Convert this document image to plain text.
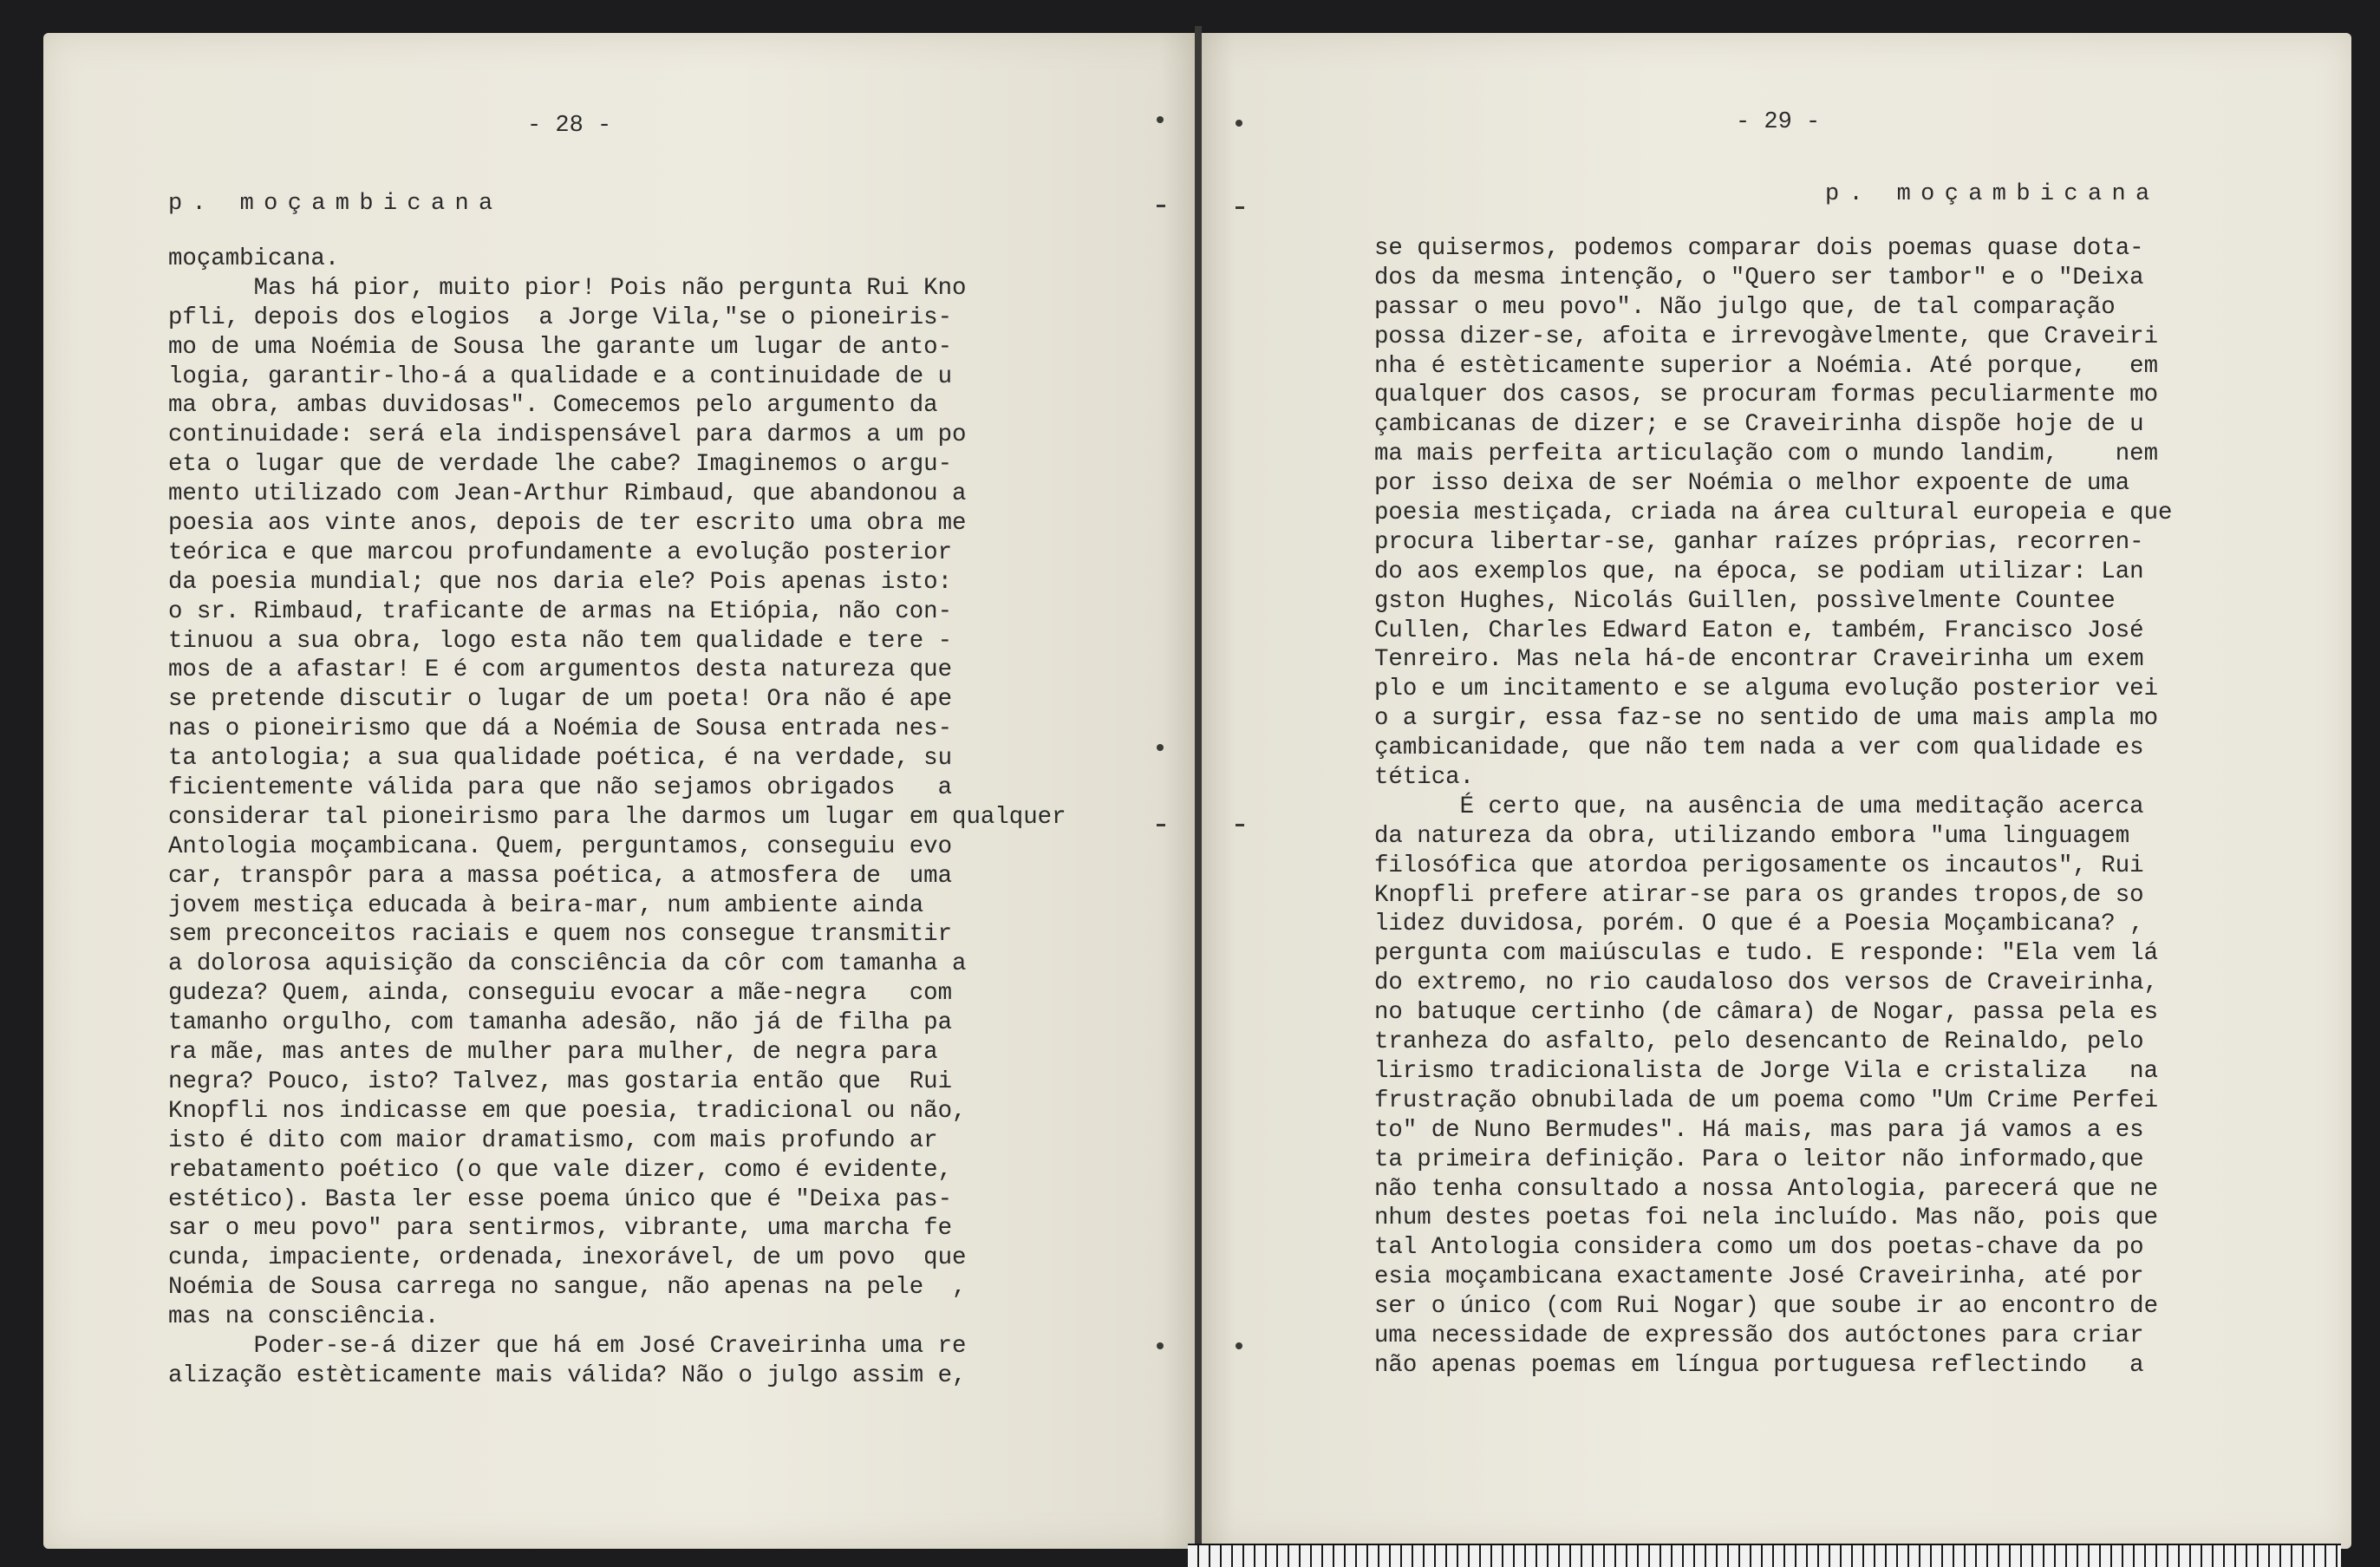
- 28 -
p. moçambicana
moçambicana.
Mas há pior, muito pior! Pois não pergunta Rui Kno
pfli, depois dos elogios  a Jorge Vila,"se o pioneiris-
mo de uma Noémia de Sousa lhe garante um lugar de anto-
logia, garantir-lho-á a qualidade e a continuidade de u
ma obra, ambas duvidosas". Comecemos pelo argumento da
continuidade: será ela indispensável para darmos a um po
eta o lugar que de verdade lhe cabe? Imaginemos o argu-
mento utilizado com Jean-Arthur Rimbaud, que abandonou a
poesia aos vinte anos, depois de ter escrito uma obra me
teórica e que marcou profundamente a evolução posterior
da poesia mundial; que nos daria ele? Pois apenas isto:
o sr. Rimbaud, traficante de armas na Etiópia, não con-
tinuou a sua obra, logo esta não tem qualidade e tere -
mos de a afastar! E é com argumentos desta natureza que
se pretende discutir o lugar de um poeta! Ora não é ape
nas o pioneirismo que dá a Noémia de Sousa entrada nes-
ta antologia; a sua qualidade poética, é na verdade, su
ficientemente válida para que não sejamos obrigados   a
considerar tal pioneirismo para lhe darmos um lugar em qualquer
Antologia moçambicana. Quem, perguntamos, conseguiu evo
car, transpôr para a massa poética, a atmosfera de  uma
jovem mestiça educada à beira-mar, num ambiente ainda
sem preconceitos raciais e quem nos consegue transmitir
a dolorosa aquisição da consciência da côr com tamanha a
gudeza? Quem, ainda, conseguiu evocar a mãe-negra   com
tamanho orgulho, com tamanha adesão, não já de filha pa
ra mãe, mas antes de mulher para mulher, de negra para
negra? Pouco, isto? Talvez, mas gostaria então que  Rui
Knopfli nos indicasse em que poesia, tradicional ou não,
isto é dito com maior dramatismo, com mais profundo ar
rebatamento poético (o que vale dizer, como é evidente,
estético). Basta ler esse poema único que é "Deixa pas-
sar o meu povo" para sentirmos, vibrante, uma marcha fe
cunda, impaciente, ordenada, inexorável, de um povo  que
Noémia de Sousa carrega no sangue, não apenas na pele  ,
mas na consciência.
Poder-se-á dizer que há em José Craveirinha uma re
alização estèticamente mais válida? Não o julgo assim e,
- 29 -
p. moçambicana
se quisermos, podemos comparar dois poemas quase dota-
dos da mesma intenção, o "Quero ser tambor" e o "Deixa
passar o meu povo". Não julgo que, de tal comparação
possa dizer-se, afoita e irrevogàvelmente, que Craveiri
nha é estèticamente superior a Noémia. Até porque,   em
qualquer dos casos, se procuram formas peculiarmente mo
çambicanas de dizer; e se Craveirinha dispõe hoje de u
ma mais perfeita articulação com o mundo landim,    nem
por isso deixa de ser Noémia o melhor expoente de uma
poesia mestiçada, criada na área cultural europeia e que
procura libertar-se, ganhar raízes próprias, recorren-
do aos exemplos que, na época, se podiam utilizar: Lan
gston Hughes, Nicolás Guillen, possìvelmente Countee
Cullen, Charles Edward Eaton e, também, Francisco José
Tenreiro. Mas nela há-de encontrar Craveirinha um exem
plo e um incitamento e se alguma evolução posterior vei
o a surgir, essa faz-se no sentido de uma mais ampla mo
çambicanidade, que não tem nada a ver com qualidade es
tética.
É certo que, na ausência de uma meditação acerca
da natureza da obra, utilizando embora "uma linguagem
filosófica que atordoa perigosamente os incautos", Rui
Knopfli prefere atirar-se para os grandes tropos,de so
lidez duvidosa, porém. O que é a Poesia Moçambicana? ,
pergunta com maiúsculas e tudo. E responde: "Ela vem lá
do extremo, no rio caudaloso dos versos de Craveirinha,
no batuque certinho (de câmara) de Nogar, passa pela es
tranheza do asfalto, pelo desencanto de Reinaldo, pelo
lirismo tradicionalista de Jorge Vila e cristaliza   na
frustração obnubilada de um poema como "Um Crime Perfei
to" de Nuno Bermudes". Há mais, mas para já vamos a es
ta primeira definição. Para o leitor não informado,que
não tenha consultado a nossa Antologia, parecerá que ne
nhum destes poetas foi nela incluído. Mas não, pois que
tal Antologia considera como um dos poetas-chave da po
esia moçambicana exactamente José Craveirinha, até por
ser o único (com Rui Nogar) que soube ir ao encontro de
uma necessidade de expressão dos autóctones para criar
não apenas poemas em língua portuguesa reflectindo   a
